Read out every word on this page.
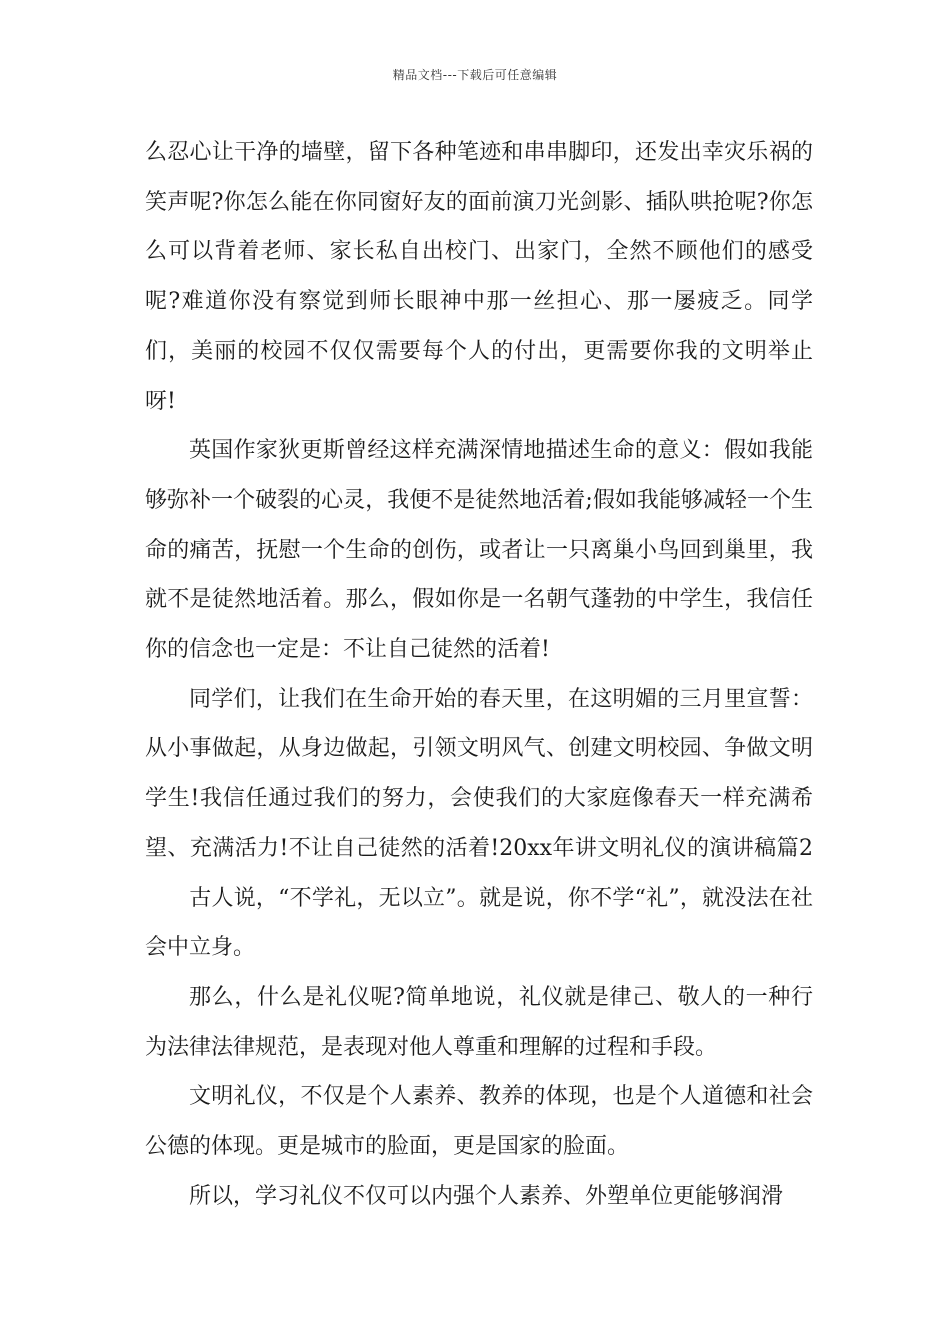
精品文档---下载后可任意编辑

么忍心让干净的墙壁，留下各种笔迹和串串脚印，还发出幸灾乐祸的笑声呢?你怎么能在你同窗好友的面前演刀光剑影、插队哄抢呢?你怎么可以背着老师、家长私自出校门、出家门，全然不顾他们的感受呢?难道你没有察觉到师长眼神中那一丝担心、那一屡疲乏。同学们，美丽的校园不仅仅需要每个人的付出，更需要你我的文明举止呀!

英国作家狄更斯曾经这样充满深情地描述生命的意义：假如我能够弥补一个破裂的心灵，我便不是徒然地活着;假如我能够减轻一个生命的痛苦，抚慰一个生命的创伤，或者让一只离巢小鸟回到巢里，我就不是徒然地活着。那么，假如你是一名朝气蓬勃的中学生，我信任你的信念也一定是：不让自己徒然的活着!

同学们，让我们在生命开始的春天里，在这明媚的三月里宣誓：从小事做起，从身边做起，引领文明风气、创建文明校园、争做文明学生!我信任通过我们的努力，会使我们的大家庭像春天一样充满希望、充满活力!不让自己徒然的活着!20xx年讲文明礼仪的演讲稿篇2古人说，“不学礼，无以立”。就是说，你不学“礼”，就没法在社会中立身。

那么，什么是礼仪呢?简单地说，礼仪就是律己、敬人的一种行为法律法律规范，是表现对他人尊重和理解的过程和手段。

文明礼仪，不仅是个人素养、教养的体现，也是个人道德和社会公德的体现。更是城市的脸面，更是国家的脸面。

所以，学习礼仪不仅可以内强个人素养、外塑单位更能够润滑
